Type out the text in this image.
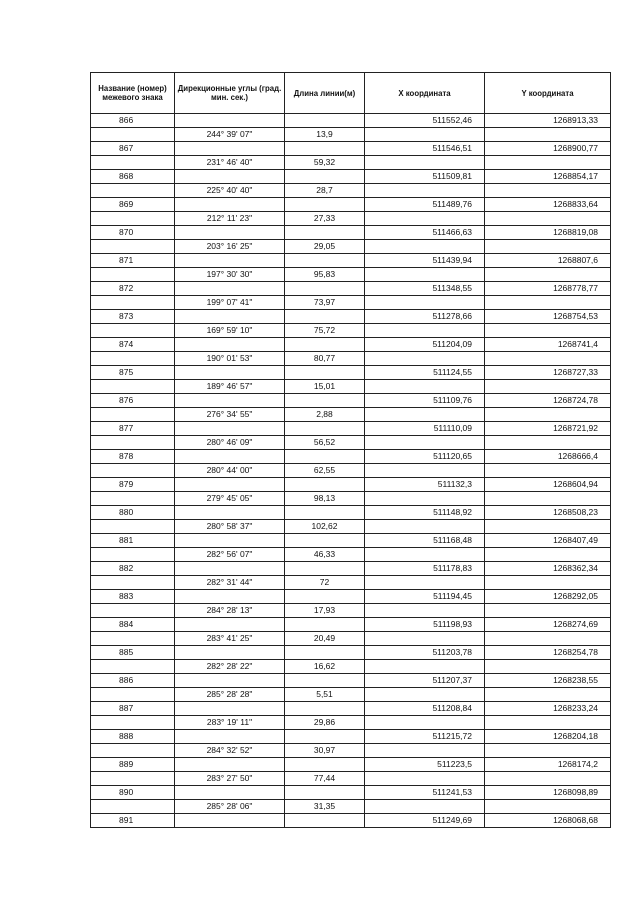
Название (номер) межевого знака	Дирекционные углы (град. мин. сек.)	Длина линии(м)	X координата	Y координата
866			511552,46	1268913,33
	244° 39' 07"	13,9		
867			511546,51	1268900,77
	231° 46' 40"	59,32		
868			511509,81	1268854,17
	225° 40' 40"	28,7		
869			511489,76	1268833,64
	212° 11' 23"	27,33		
870			511466,63	1268819,08
	203° 16' 25"	29,05		
871			511439,94	1268807,6
	197° 30' 30"	95,83		
872			511348,55	1268778,77
	199° 07' 41"	73,97		
873			511278,66	1268754,53
	169° 59' 10"	75,72		
874			511204,09	1268741,4
	190° 01' 53"	80,77		
875			511124,55	1268727,33
	189° 46' 57"	15,01		
876			511109,76	1268724,78
	276° 34' 55"	2,88		
877			511110,09	1268721,92
	280° 46' 09"	56,52		
878			511120,65	1268666,4
	280° 44' 00"	62,55		
879			511132,3	1268604,94
	279° 45' 05"	98,13		
880			511148,92	1268508,23
	280° 58' 37"	102,62		
881			511168,48	1268407,49
	282° 56' 07"	46,33		
882			511178,83	1268362,34
	282° 31' 44"	72		
883			511194,45	1268292,05
	284° 28' 13"	17,93		
884			511198,93	1268274,69
	283° 41' 25"	20,49		
885			511203,78	1268254,78
	282° 28' 22"	16,62		
886			511207,37	1268238,55
	285° 28' 28"	5,51		
887			511208,84	1268233,24
	283° 19' 11"	29,86		
888			511215,72	1268204,18
	284° 32' 52"	30,97		
889			511223,5	1268174,2
	283° 27' 50"	77,44		
890			511241,53	1268098,89
	285° 28' 06"	31,35		
891			511249,69	1268068,68
